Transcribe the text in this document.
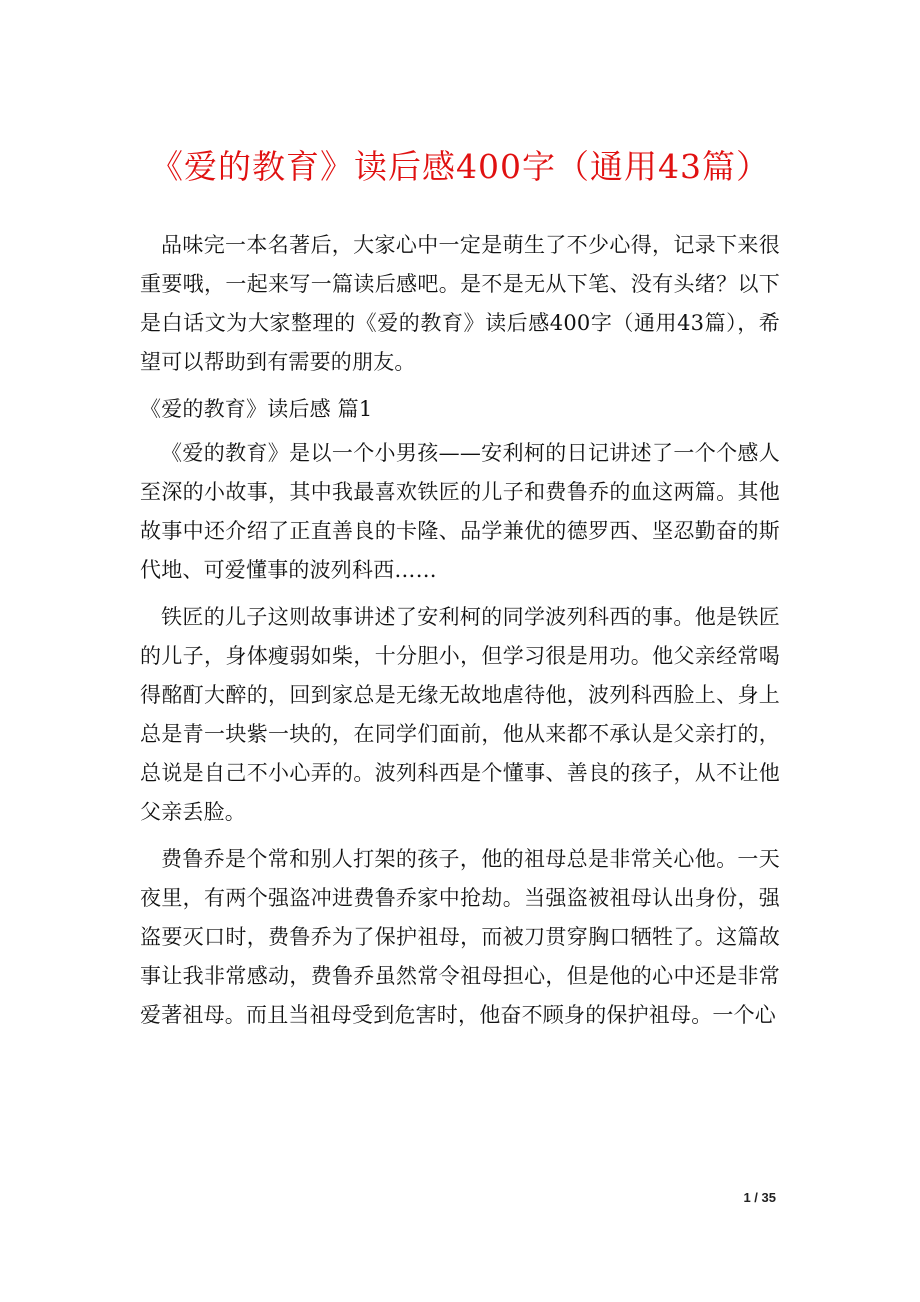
《爱的教育》读后感400字（通用43篇）

品味完一本名著后，大家心中一定是萌生了不少心得，记录下来很重要哦，一起来写一篇读后感吧。是不是无从下笔、没有头绪？以下是白话文为大家整理的《爱的教育》读后感400字（通用43篇），希望可以帮助到有需要的朋友。

《爱的教育》读后感 篇1

《爱的教育》是以一个小男孩——安利柯的日记讲述了一个个感人至深的小故事，其中我最喜欢铁匠的儿子和费鲁乔的血这两篇。其他故事中还介绍了正直善良的卡隆、品学兼优的德罗西、坚忍勤奋的斯代地、可爱懂事的波列科西……

铁匠的儿子这则故事讲述了安利柯的同学波列科西的事。他是铁匠的儿子，身体瘦弱如柴，十分胆小，但学习很是用功。他父亲经常喝得酩酊大醉的，回到家总是无缘无故地虐待他，波列科西脸上、身上总是青一块紫一块的，在同学们面前，他从来都不承认是父亲打的，总说是自己不小心弄的。波列科西是个懂事、善良的孩子，从不让他父亲丢脸。

费鲁乔是个常和别人打架的孩子，他的祖母总是非常关心他。一天夜里，有两个强盗冲进费鲁乔家中抢劫。当强盗被祖母认出身份，强盗要灭口时，费鲁乔为了保护祖母，而被刀贯穿胸口牺牲了。这篇故事让我非常感动，费鲁乔虽然常令祖母担心，但是他的心中还是非常爱著祖母。而且当祖母受到危害时，他奋不顾身的保护祖母。一个心

1 / 35
